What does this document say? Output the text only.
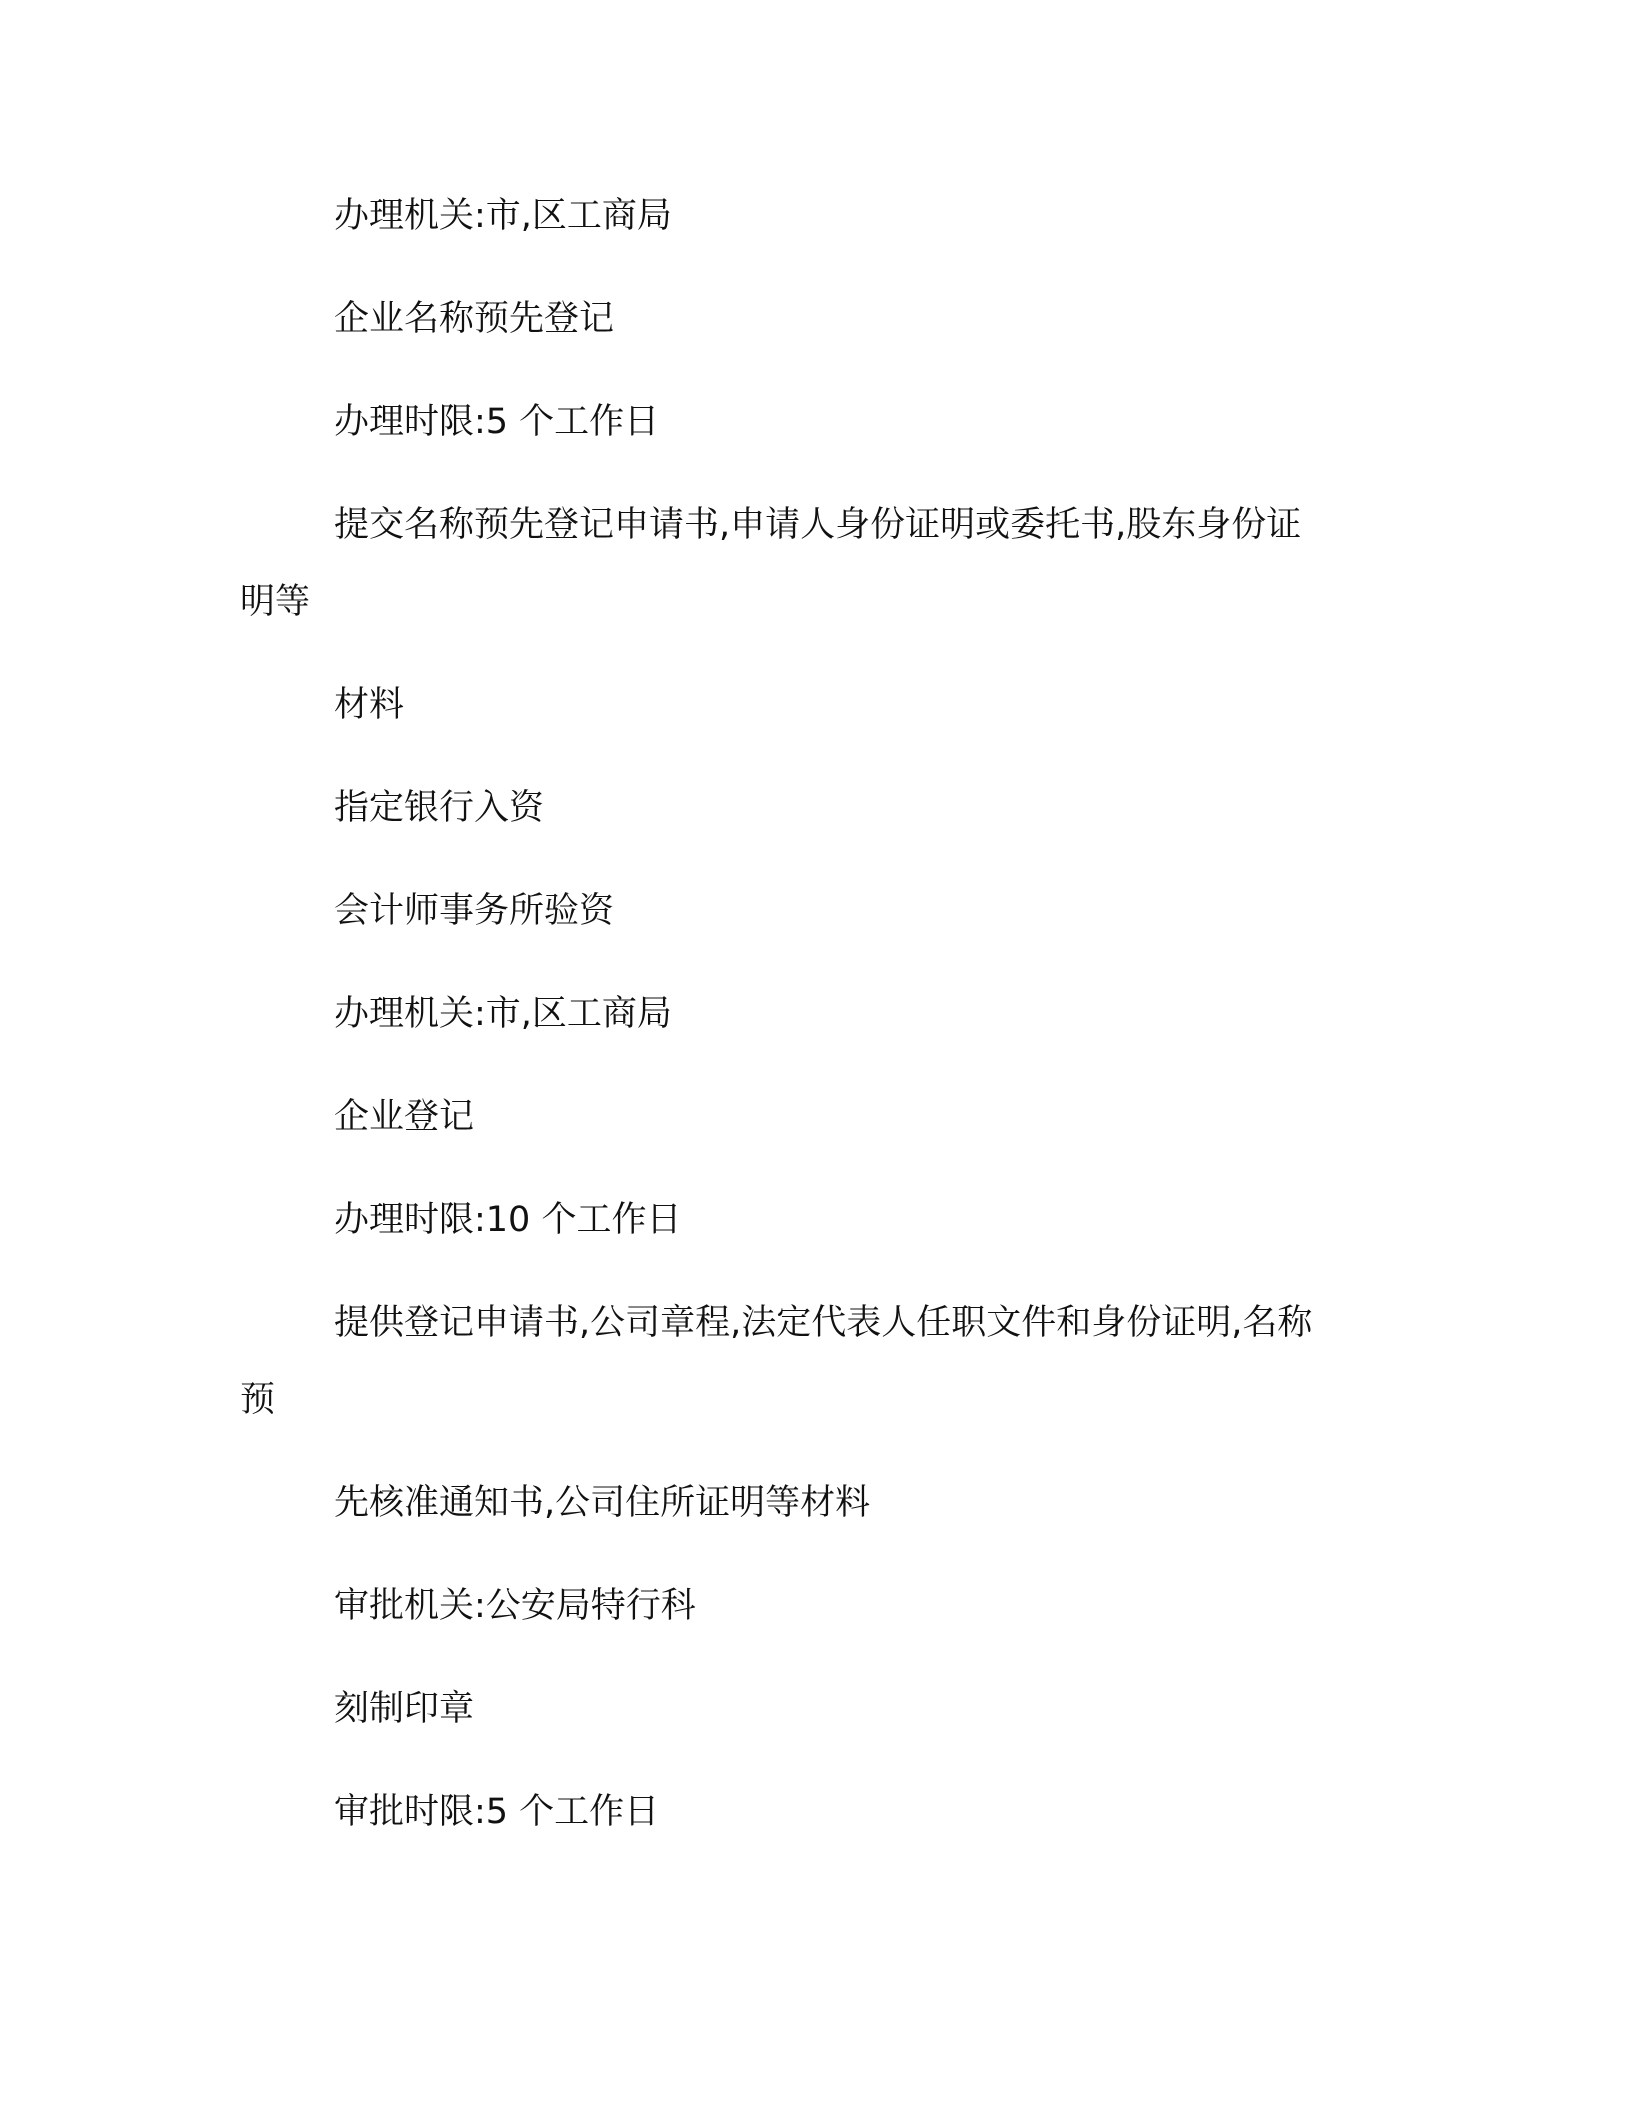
办理机关:市,区工商局
企业名称预先登记
办理时限:5 个工作日
提交名称预先登记申请书,申请人身份证明或委托书,股东身份证
明等
材料
指定银行入资
会计师事务所验资
办理机关:市,区工商局
企业登记
办理时限:10 个工作日
提供登记申请书,公司章程,法定代表人任职文件和身份证明,名称
预
先核准通知书,公司住所证明等材料
审批机关:公安局特行科
刻制印章
审批时限:5 个工作日
